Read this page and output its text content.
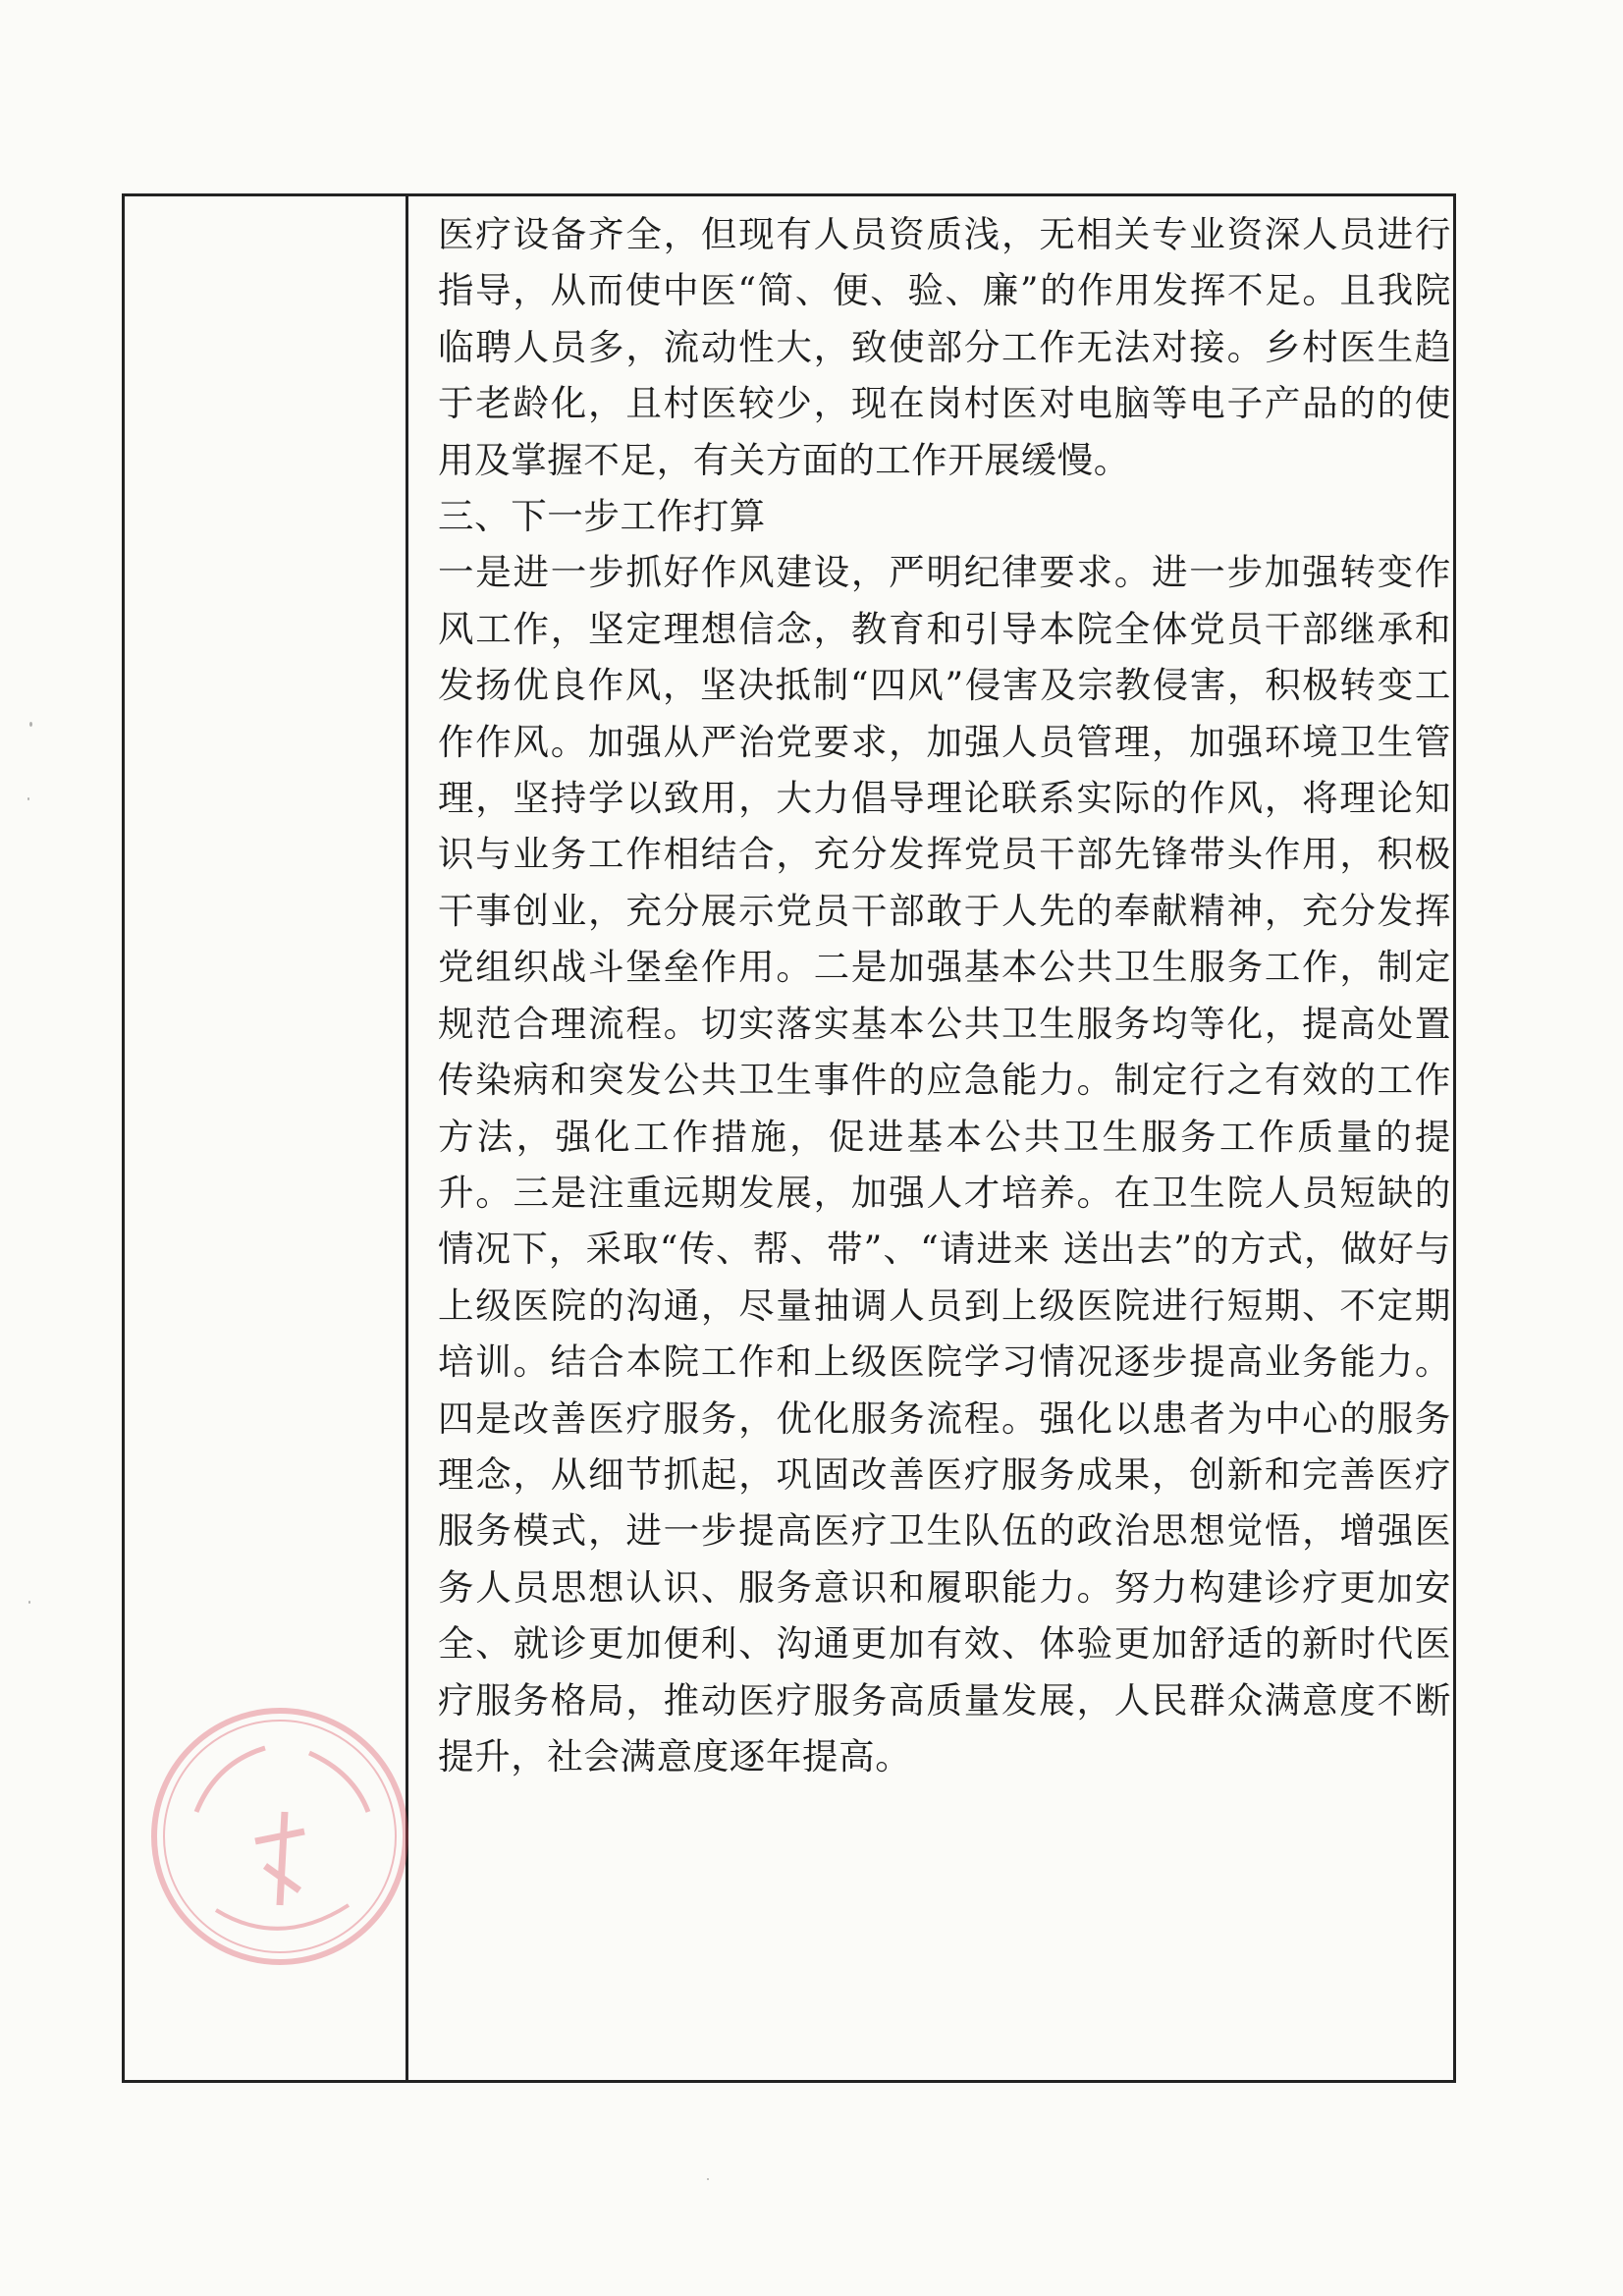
医疗设备齐全，但现有人员资质浅，无相关专业资深人员进行指导，从而使中医“简、便、验、廉”的作用发挥不足。且我院临聘人员多，流动性大，致使部分工作无法对接。乡村医生趋于老龄化，且村医较少，现在岗村医对电脑等电子产品的的使用及掌握不足，有关方面的工作开展缓慢。

三、下一步工作打算

一是进一步抓好作风建设，严明纪律要求。进一步加强转变作风工作，坚定理想信念，教育和引导本院全体党员干部继承和发扬优良作风，坚决抵制“四风”侵害及宗教侵害，积极转变工作作风。加强从严治党要求，加强人员管理，加强环境卫生管理，坚持学以致用，大力倡导理论联系实际的作风，将理论知识与业务工作相结合，充分发挥党员干部先锋带头作用，积极干事创业，充分展示党员干部敢于人先的奉献精神，充分发挥党组织战斗堡垒作用。二是加强基本公共卫生服务工作，制定规范合理流程。切实落实基本公共卫生服务均等化，提高处置传染病和突发公共卫生事件的应急能力。制定行之有效的工作方法，强化工作措施，促进基本公共卫生服务工作质量的提升。三是注重远期发展，加强人才培养。在卫生院人员短缺的情况下，采取“传、帮、带”、“请进来 送出去”的方式，做好与上级医院的沟通，尽量抽调人员到上级医院进行短期、不定期培训。结合本院工作和上级医院学习情况逐步提高业务能力。四是改善医疗服务，优化服务流程。强化以患者为中心的服务理念，从细节抓起，巩固改善医疗服务成果，创新和完善医疗服务模式，进一步提高医疗卫生队伍的政治思想觉悟，增强医务人员思想认识、服务意识和履职能力。努力构建诊疗更加安全、就诊更加便利、沟通更加有效、体验更加舒适的新时代医疗服务格局，推动医疗服务高质量发展，人民群众满意度不断提升，社会满意度逐年提高。
